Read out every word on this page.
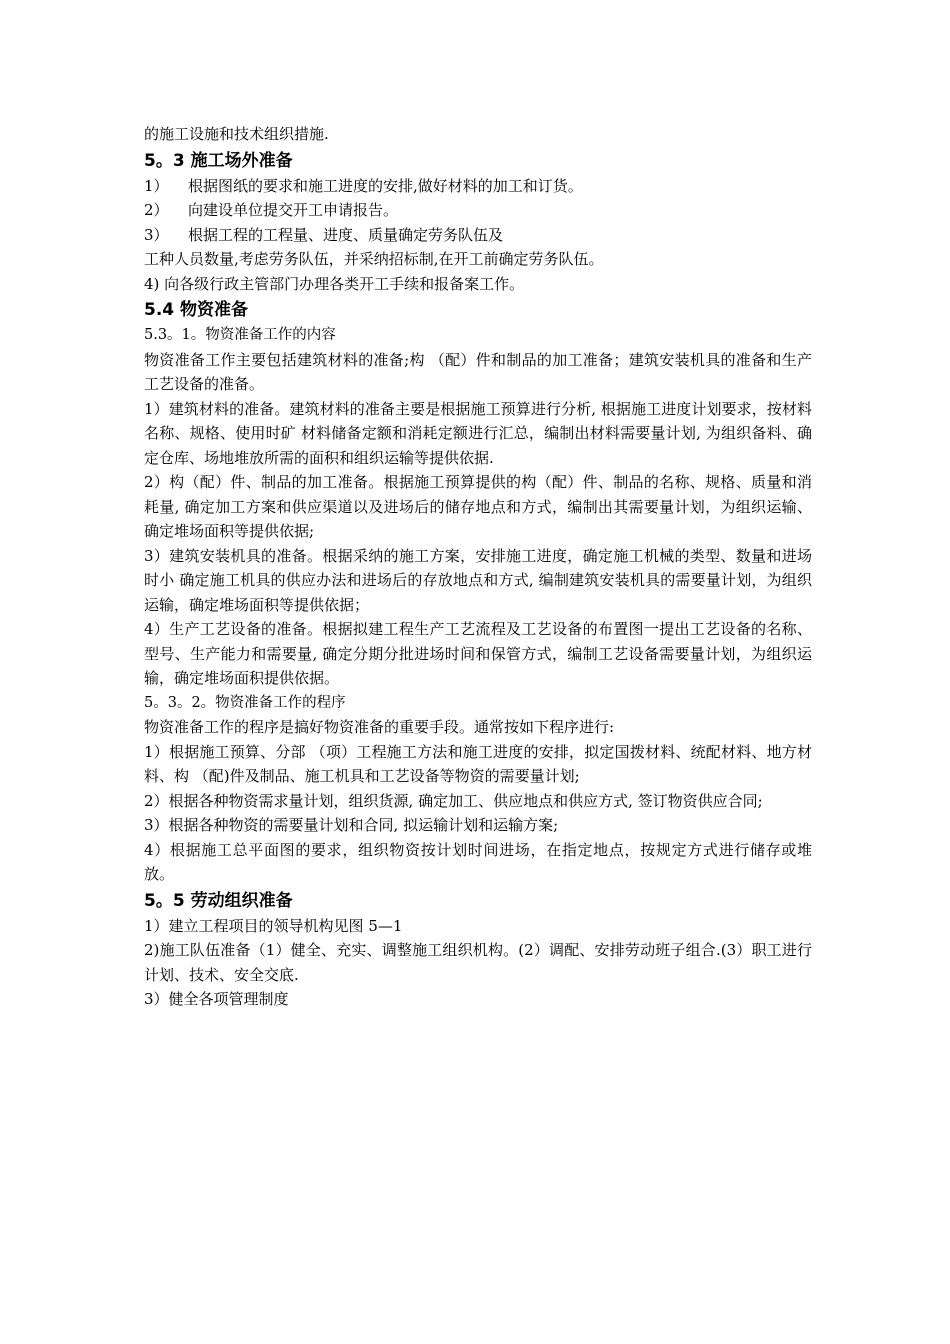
的施工设施和技术组织措施.

5。3 施工场外准备

1） 根据图纸的要求和施工进度的安排,做好材料的加工和订货。

2） 向建设单位提交开工申请报告。

3） 根据工程的工程量、进度、质量确定劳务队伍及

工种人员数量,考虑劳务队伍，并采纳招标制,在开工前确定劳务队伍。

4) 向各级行政主管部门办理各类开工手续和报备案工作。

5.4 物资准备

5.3。1。物资准备工作的内容

物资准备工作主要包括建筑材料的准备;构 （配）件和制品的加工准备；建筑安装机具的准备和生产工艺设备的准备。

1）建筑材料的准备。建筑材料的准备主要是根据施工预算进行分析, 根据施工进度计划要求，按材料名称、规格、使用时矿 材料储备定额和消耗定额进行汇总，编制出材料需要量计划, 为组织备料、确定仓库、场地堆放所需的面积和组织运输等提供依据.

2）构（配）件、制品的加工准备。根据施工预算提供的构（配）件、制品的名称、规格、质量和消耗量, 确定加工方案和供应渠道以及进场后的储存地点和方式，编制出其需要量计划，为组织运输、确定堆场面积等提供依据;

3）建筑安装机具的准备。根据采纳的施工方案，安排施工进度，确定施工机械的类型、数量和进场时小 确定施工机具的供应办法和进场后的存放地点和方式, 编制建筑安装机具的需要量计划，为组织运输，确定堆场面积等提供依据；

4）生产工艺设备的准备。根据拟建工程生产工艺流程及工艺设备的布置图一提出工艺设备的名称、型号、生产能力和需要量, 确定分期分批进场时间和保管方式，编制工艺设备需要量计划，为组织运输，确定堆场面积提供依据。

5。3。2。物资准备工作的程序

物资准备工作的程序是搞好物资准备的重要手段。通常按如下程序进行:

1）根据施工预算、分部 （项）工程施工方法和施工进度的安排，拟定国拨材料、统配材料、地方材料、构 （配)件及制品、施工机具和工艺设备等物资的需要量计划;

2）根据各种物资需求量计划，组织货源, 确定加工、供应地点和供应方式, 签订物资供应合同;

3）根据各种物资的需要量计划和合同, 拟运输计划和运输方案;

4）根据施工总平面图的要求，组织物资按计划时间进场，在指定地点，按规定方式进行储存或堆放。

5。5 劳动组织准备

1）建立工程项目的领导机构见图 5—1

2)施工队伍准备（1）健全、充实、调整施工组织机构。(2）调配、安排劳动班子组合.(3）职工进行计划、技术、安全交底.

3）健全各项管理制度
